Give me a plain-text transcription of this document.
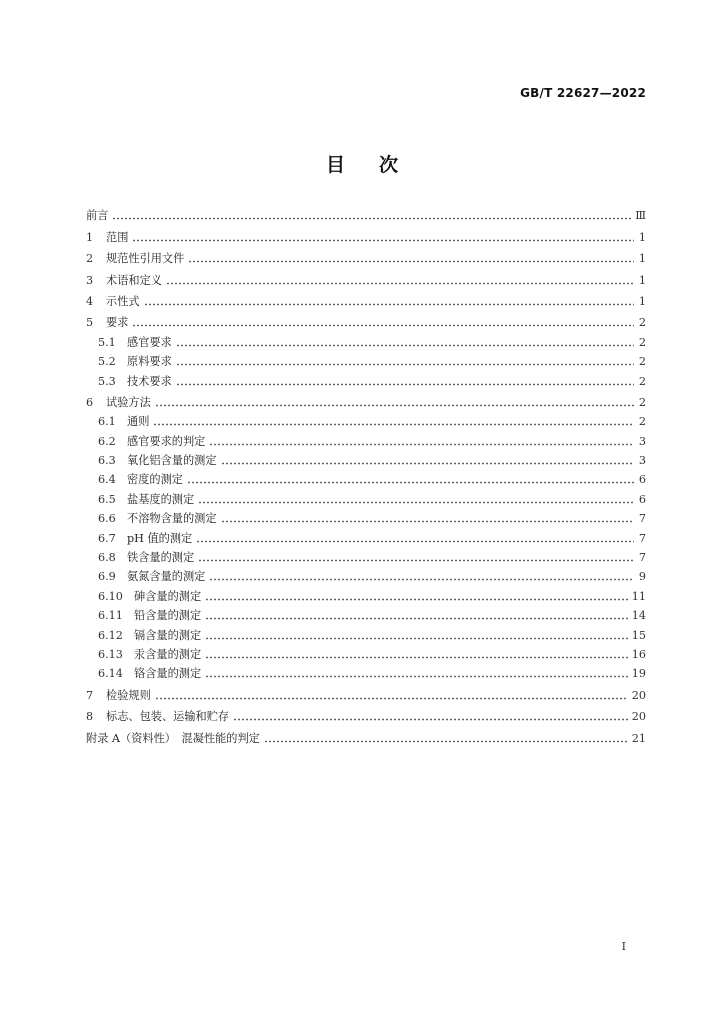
GB/T 22627—2022
目次
前言	Ⅲ
1	范围	1
2	规范性引用文件	1
3	术语和定义	1
4	示性式	1
5	要求	2
5.1	感官要求	2
5.2	原料要求	2
5.3	技术要求	2
6	试验方法	2
6.1	通则	2
6.2	感官要求的判定	3
6.3	氧化铝含量的测定	3
6.4	密度的测定	6
6.5	盐基度的测定	6
6.6	不溶物含量的测定	7
6.7	pH 值的测定	7
6.8	铁含量的测定	7
6.9	氨氮含量的测定	9
6.10 砷含量的测定	11
6.11 铅含量的测定	14
6.12 镉含量的测定	15
6.13 汞含量的测定	16
6.14 铬含量的测定	19
7	检验规则	20
8	标志、包装、运输和贮存	20
附录 A（资料性）　混凝性能的判定	21
Ⅰ
